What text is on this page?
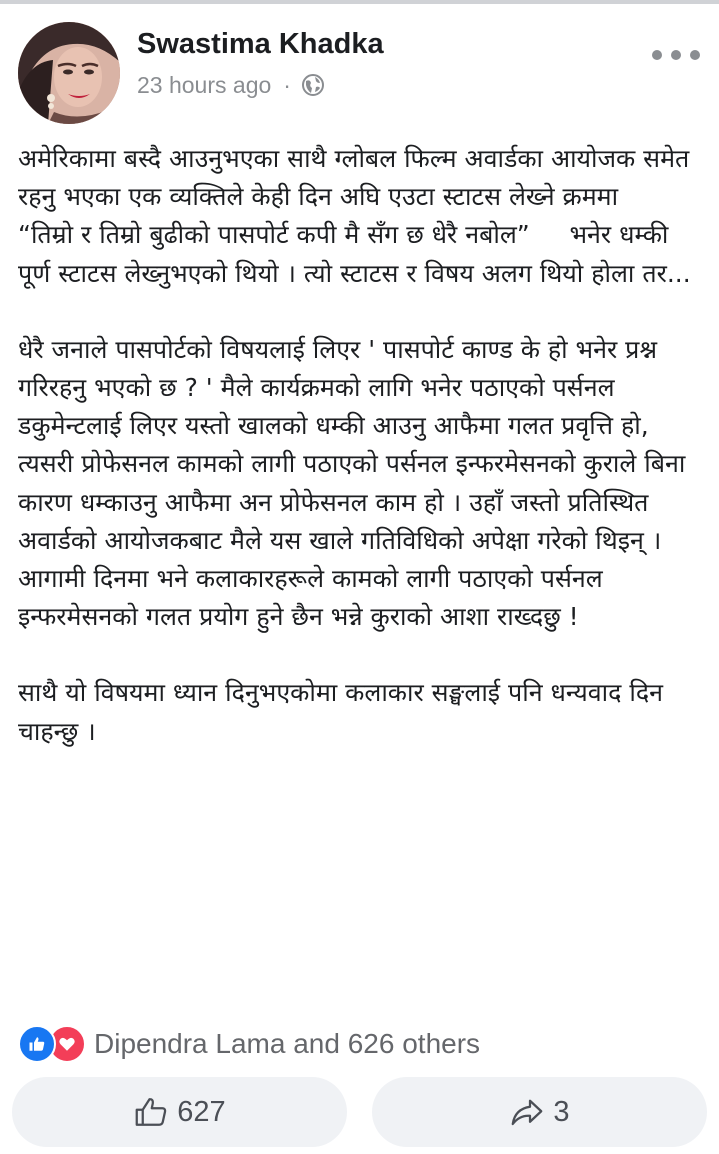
Swastima Khadka
23 hours ago ·

अमेरिकामा बस्दै आउनुभएका साथै ग्लोबल फिल्म अवार्डका आयोजक समेत रहनु भएका एक व्यक्तिले केही दिन अघि एउटा स्टाटस लेख्ने क्रममा     “तिम्रो र तिम्रो बुढीको पासपोर्ट कपी मै सँग छ धेरै नबोल”     भनेर धम्की पूर्ण स्टाटस लेख्नुभएको थियो । त्यो स्टाटस र विषय अलग थियो होला तर...

धेरै जनाले पासपोर्टको विषयलाई लिएर ' पासपोर्ट काण्ड के हो भनेर प्रश्न गरिरहनु भएको छ ? ' मैले कार्यक्रमको लागि भनेर पठाएको पर्सनल डकुमेन्टलाई लिएर यस्तो खालको धम्की आउनु आफैमा गलत प्रवृत्ति हो, त्यसरी प्रोफेसनल कामको लागी पठाएको पर्सनल इन्फरमेसनको कुराले बिना कारण धम्काउनु आफैमा अन प्रोफेसनल काम हो । उहाँ जस्तो प्रतिस्थित अवार्डको आयोजकबाट मैले यस खाले गतिविधिको अपेक्षा गरेको थिइन् । आगामी दिनमा भने कलाकारहरूले कामको लागी पठाएको पर्सनल इन्फरमेसनको गलत प्रयोग हुने छैन भन्ने कुराको आशा राख्दछु !

साथै यो विषयमा ध्यान दिनुभएकोमा कलाकार सङ्घलाई पनि धन्यवाद दिन चाहन्छु ।

Dipendra Lama and 626 others
627	3
